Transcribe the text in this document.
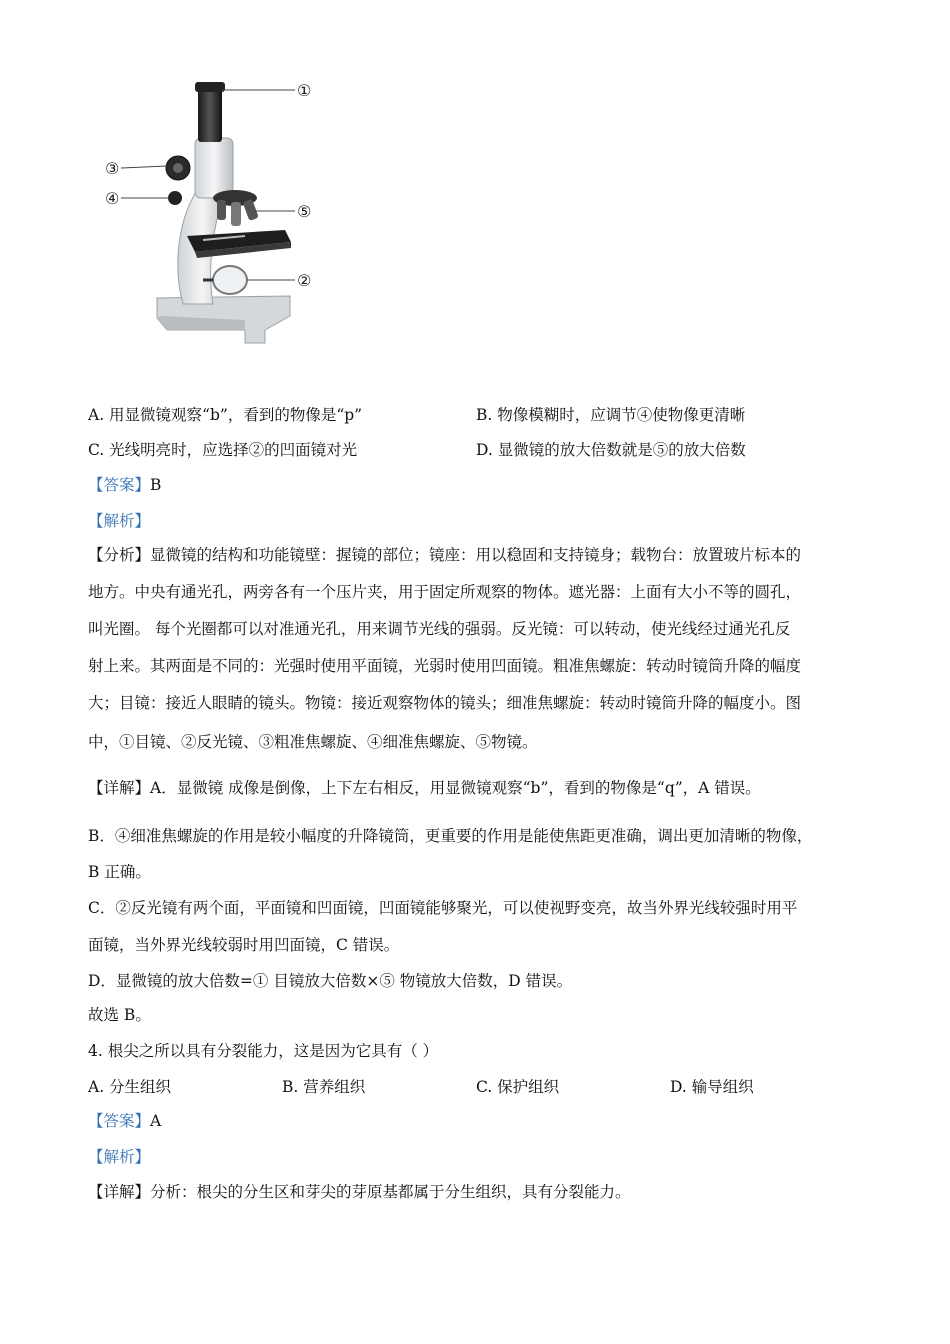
①
③
④
⑤
②
A. 用显微镜观察“b”，看到的物像是“p”	B. 物像模糊时，应调节④使物像更清晰
C. 光线明亮时，应选择②的凹面镜对光	D. 显微镜的放大倍数就是⑤的放大倍数
【答案】B
【解析】
【分析】显微镜的结构和功能镜壁：握镜的部位；镜座：用以稳固和支持镜身；载物台：放置玻片标本的
地方。中央有通光孔，两旁各有一个压片夹，用于固定所观察的物体。遮光器：上面有大小不等的圆孔，
叫光圈。 每个光圈都可以对准通光孔，用来调节光线的强弱。反光镜：可以转动，使光线经过通光孔反
射上来。其两面是不同的：光强时使用平面镜，光弱时使用凹面镜。粗准焦螺旋：转动时镜筒升降的幅度
大；目镜：接近人眼睛的镜头。物镜：接近观察物体的镜头；细准焦螺旋：转动时镜筒升降的幅度小。图
中，①目镜、②反光镜、③粗准焦螺旋、④细准焦螺旋、⑤物镜。
【详解】A．显微镜 成像是倒像，上下左右相反，用显微镜观察“b”，看到的物像是“q”，A 错误。
B．④细准焦螺旋的作用是较小幅度的升降镜筒，更重要的作用是能使焦距更准确，调出更加清晰的物像，
B 正确。
C．②反光镜有两个面，平面镜和凹面镜，凹面镜能够聚光，可以使视野变亮，故当外界光线较强时用平
面镜，当外界光线较弱时用凹面镜，C 错误。
D．显微镜的放大倍数=① 目镜放大倍数×⑤ 物镜放大倍数，D 错误。
故选 B。
4. 根尖之所以具有分裂能力，这是因为它具有（ ）
A. 分生组织	B. 营养组织	C. 保护组织	D. 输导组织
【答案】A
【解析】
【详解】分析：根尖的分生区和芽尖的芽原基都属于分生组织，具有分裂能力。
